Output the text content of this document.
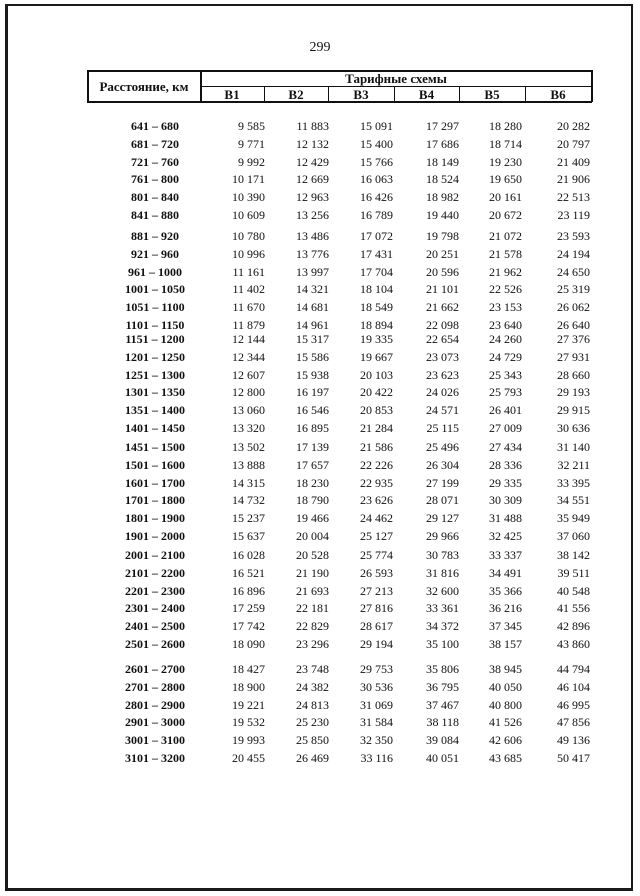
299
Расстояние, км
Тарифные схемы
В1	В2	В3	В4	В5	В6
641 – 680	9 585	11 883	15 091	17 297	18 280	20 282
681 – 720	9 771	12 132	15 400	17 686	18 714	20 797
721 – 760	9 992	12 429	15 766	18 149	19 230	21 409
761 – 800	10 171	12 669	16 063	18 524	19 650	21 906
801 – 840	10 390	12 963	16 426	18 982	20 161	22 513
841 – 880	10 609	13 256	16 789	19 440	20 672	23 119
881 – 920	10 780	13 486	17 072	19 798	21 072	23 593
921 – 960	10 996	13 776	17 431	20 251	21 578	24 194
961 – 1000	11 161	13 997	17 704	20 596	21 962	24 650
1001 – 1050	11 402	14 321	18 104	21 101	22 526	25 319
1051 – 1100	11 670	14 681	18 549	21 662	23 153	26 062
1101 – 1150	11 879	14 961	18 894	22 098	23 640	26 640
1151 – 1200	12 144	15 317	19 335	22 654	24 260	27 376
1201 – 1250	12 344	15 586	19 667	23 073	24 729	27 931
1251 – 1300	12 607	15 938	20 103	23 623	25 343	28 660
1301 – 1350	12 800	16 197	20 422	24 026	25 793	29 193
1351 – 1400	13 060	16 546	20 853	24 571	26 401	29 915
1401 – 1450	13 320	16 895	21 284	25 115	27 009	30 636
1451 – 1500	13 502	17 139	21 586	25 496	27 434	31 140
1501 – 1600	13 888	17 657	22 226	26 304	28 336	32 211
1601 – 1700	14 315	18 230	22 935	27 199	29 335	33 395
1701 – 1800	14 732	18 790	23 626	28 071	30 309	34 551
1801 – 1900	15 237	19 466	24 462	29 127	31 488	35 949
1901 – 2000	15 637	20 004	25 127	29 966	32 425	37 060
2001 – 2100	16 028	20 528	25 774	30 783	33 337	38 142
2101 – 2200	16 521	21 190	26 593	31 816	34 491	39 511
2201 – 2300	16 896	21 693	27 213	32 600	35 366	40 548
2301 – 2400	17 259	22 181	27 816	33 361	36 216	41 556
2401 – 2500	17 742	22 829	28 617	34 372	37 345	42 896
2501 – 2600	18 090	23 296	29 194	35 100	38 157	43 860
2601 – 2700	18 427	23 748	29 753	35 806	38 945	44 794
2701 – 2800	18 900	24 382	30 536	36 795	40 050	46 104
2801 – 2900	19 221	24 813	31 069	37 467	40 800	46 995
2901 – 3000	19 532	25 230	31 584	38 118	41 526	47 856
3001 – 3100	19 993	25 850	32 350	39 084	42 606	49 136
3101 – 3200	20 455	26 469	33 116	40 051	43 685	50 417
